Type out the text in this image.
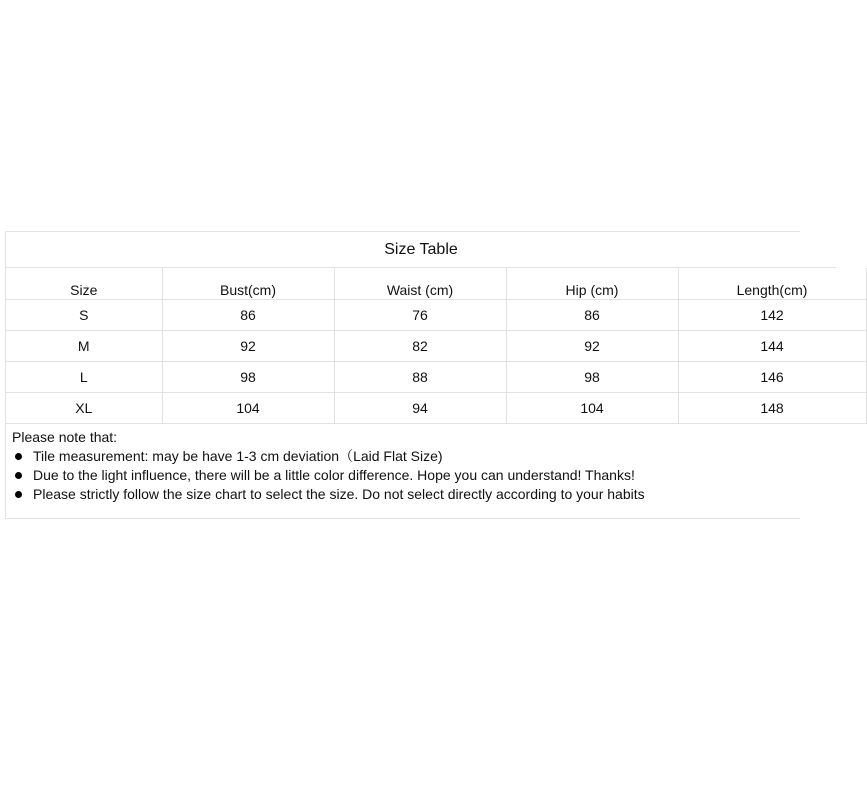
Size Table
Size	Bust(cm)	Waist (cm)	Hip (cm)	Length(cm)
S	86	76	86	142
M	92	82	92	144
L	98	88	98	146
XL	104	94	104	148
Please note that:
Tile measurement: may be have 1-3 cm deviation（Laid Flat Size)
Due to the light influence, there will be a little color difference. Hope you can understand! Thanks!
Please strictly follow the size chart to select the size. Do not select directly according to your habits
